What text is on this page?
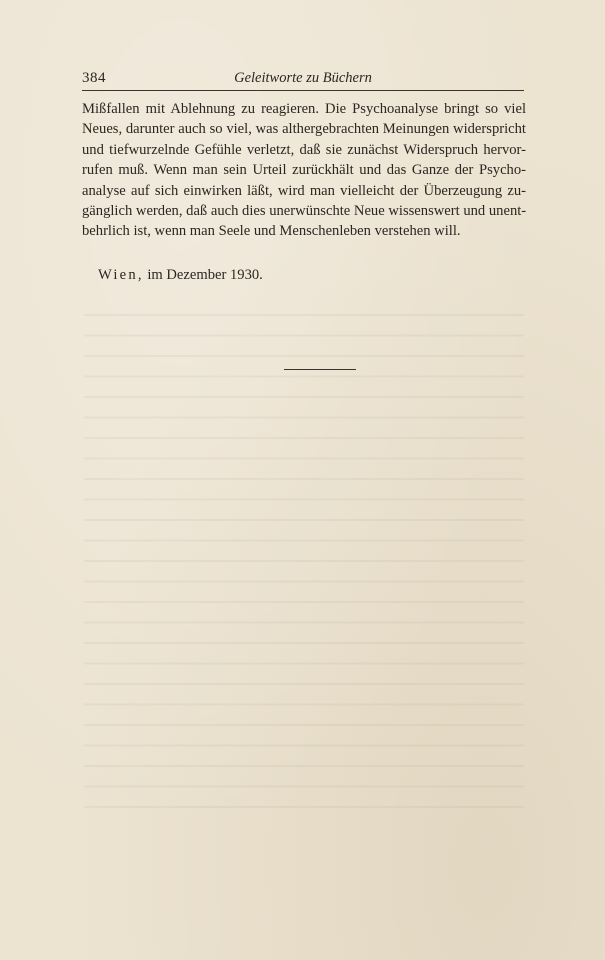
384	Geleitworte zu Büchern
Mißfallen mit Ablehnung zu reagieren. Die Psychoanalyse bringt so viel
Neues, darunter auch so viel, was althergebrachten Meinungen widerspricht
und tiefwurzelnde Gefühle verletzt, daß sie zunächst Widerspruch hervor-
rufen muß. Wenn man sein Urteil zurückhält und das Ganze der Psycho-
analyse auf sich einwirken läßt, wird man vielleicht der Überzeugung zu-
gänglich werden, daß auch dies unerwünschte Neue wissenswert und unent-
behrlich ist, wenn man Seele und Menschenleben verstehen will.
Wien, im Dezember 1930.
